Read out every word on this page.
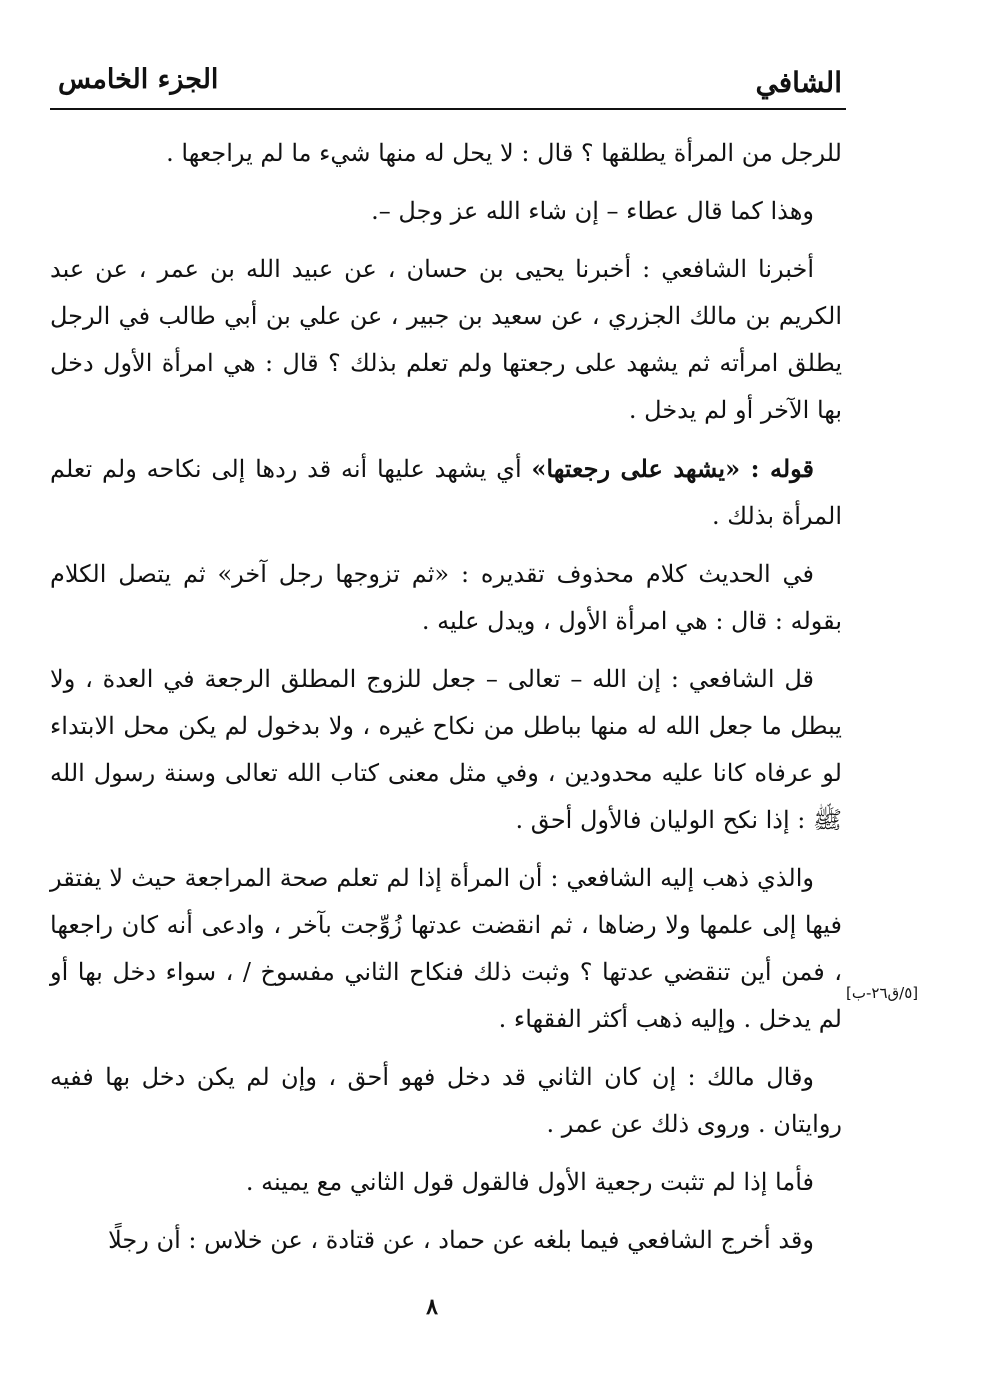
الشافي
الجزء الخامس

للرجل من المرأة يطلقها ؟ قال : لا يحل له منها شيء ما لم يراجعها .

وهذا كما قال عطاء – إن شاء الله عز وجل –.

أخبرنا الشافعي : أخبرنا يحيى بن حسان ، عن عبيد الله بن عمر ، عن عبد الكريم بن مالك الجزري ، عن سعيد بن جبير ، عن علي بن أبي طالب في الرجل يطلق امرأته ثم يشهد على رجعتها ولم تعلم بذلك ؟ قال : هي امرأة الأول دخل بها الآخر أو لم يدخل .

قوله : «يشهد على رجعتها» أي يشهد عليها أنه قد ردها إلى نكاحه ولم تعلم المرأة بذلك .

في الحديث كلام محذوف تقديره : «ثم تزوجها رجل آخر» ثم يتصل الكلام بقوله : قال : هي امرأة الأول ، ويدل عليه .

قل الشافعي : إن الله – تعالى – جعل للزوج المطلق الرجعة في العدة ، ولا يبطل ما جعل الله له منها بباطل من نكاح غيره ، ولا بدخول لم يكن محل الابتداء لو عرفاه كانا عليه محدودين ، وفي مثل معنى كتاب الله تعالى وسنة رسول الله ﷺ : إذا نكح الوليان فالأول أحق .

والذي ذهب إليه الشافعي : أن المرأة إذا لم تعلم صحة المراجعة حيث لا يفتقر فيها إلى علمها ولا رضاها ، ثم انقضت عدتها زُوِّجت بآخر ، وادعى أنه كان راجعها ، فمن أين تنقضي عدتها ؟ وثبت ذلك فنكاح الثاني مفسوخ / ، سواء دخل بها أو لم يدخل . وإليه ذهب أكثر الفقهاء .

وقال مالك : إن كان الثاني قد دخل فهو أحق ، وإن لم يكن دخل بها ففيه روايتان . وروى ذلك عن عمر .

فأما إذا لم تثبت رجعية الأول فالقول قول الثاني مع يمينه .

وقد أخرج الشافعي فيما بلغه عن حماد ، عن قتادة ، عن خلاس : أن رجلًا

[٥/ق٢٦-ب]
٨
